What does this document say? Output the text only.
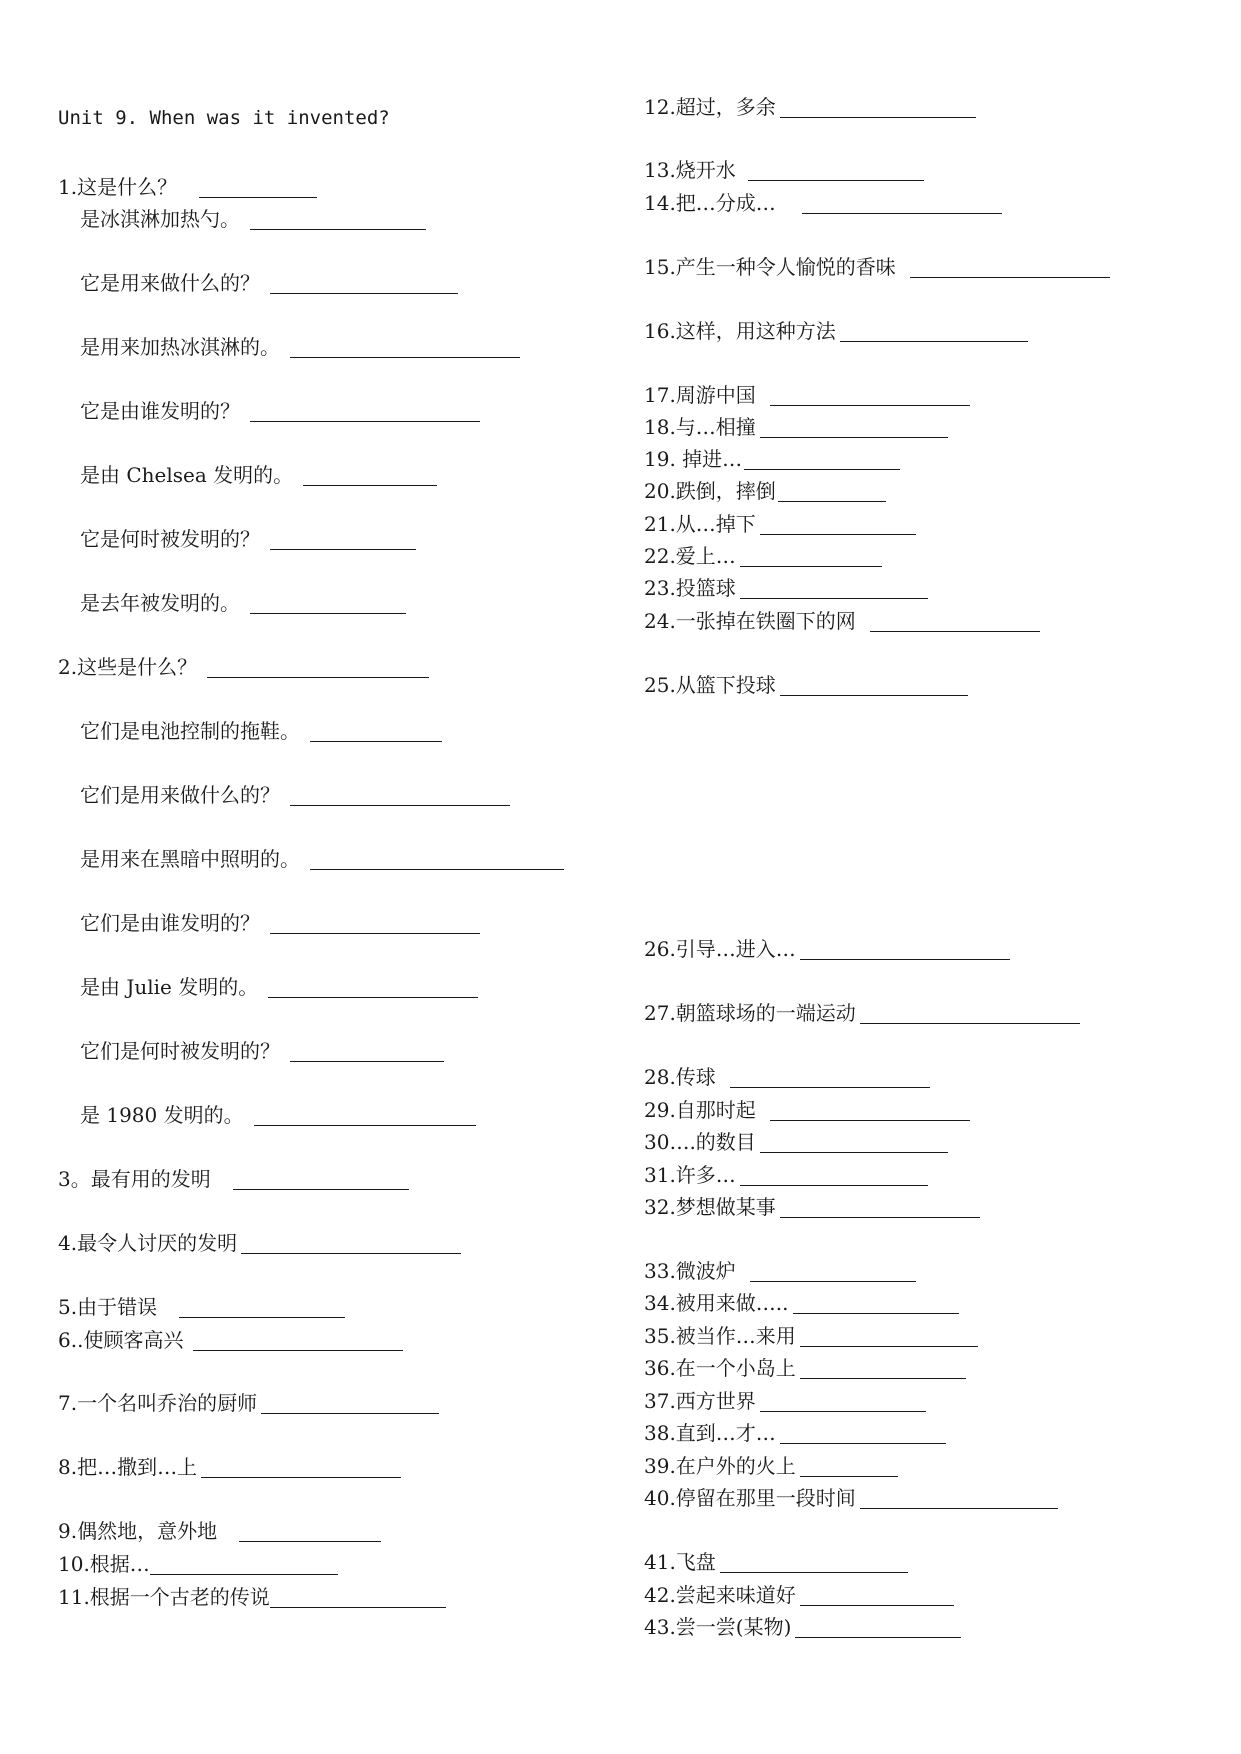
Unit 9. When was it invented?
1.这是什么？
是冰淇淋加热勺。
它是用来做什么的？
是用来加热冰淇淋的。
它是由谁发明的？
是由 Chelsea 发明的。
它是何时被发明的？
是去年被发明的。
2.这些是什么？
它们是电池控制的拖鞋。
它们是用来做什么的？
是用来在黑暗中照明的。
它们是由谁发明的？
是由 Julie 发明的。
它们是何时被发明的？
是 1980 发明的。
3。最有用的发明
4.最令人讨厌的发明
5.由于错误
6..使顾客高兴
7.一个名叫乔治的厨师
8.把…撒到…上
9.偶然地，意外地
10.根据…
11.根据一个古老的传说
12.超过，多余
13.烧开水
14.把…分成…
15.产生一种令人愉悦的香味
16.这样，用这种方法
17.周游中国
18.与…相撞
19. 掉进…
20.跌倒，摔倒
21.从…掉下
22.爱上…
23.投篮球
24.一张掉在铁圈下的网
25.从篮下投球
26.引导…进入…
27.朝篮球场的一端运动
28.传球
29.自那时起
30….的数目
31.许多…
32.梦想做某事
33.微波炉
34.被用来做…..
35.被当作…来用
36.在一个小岛上
37.西方世界
38.直到…才…
39.在户外的火上
40.停留在那里一段时间
41.飞盘
42.尝起来味道好
43.尝一尝(某物)
